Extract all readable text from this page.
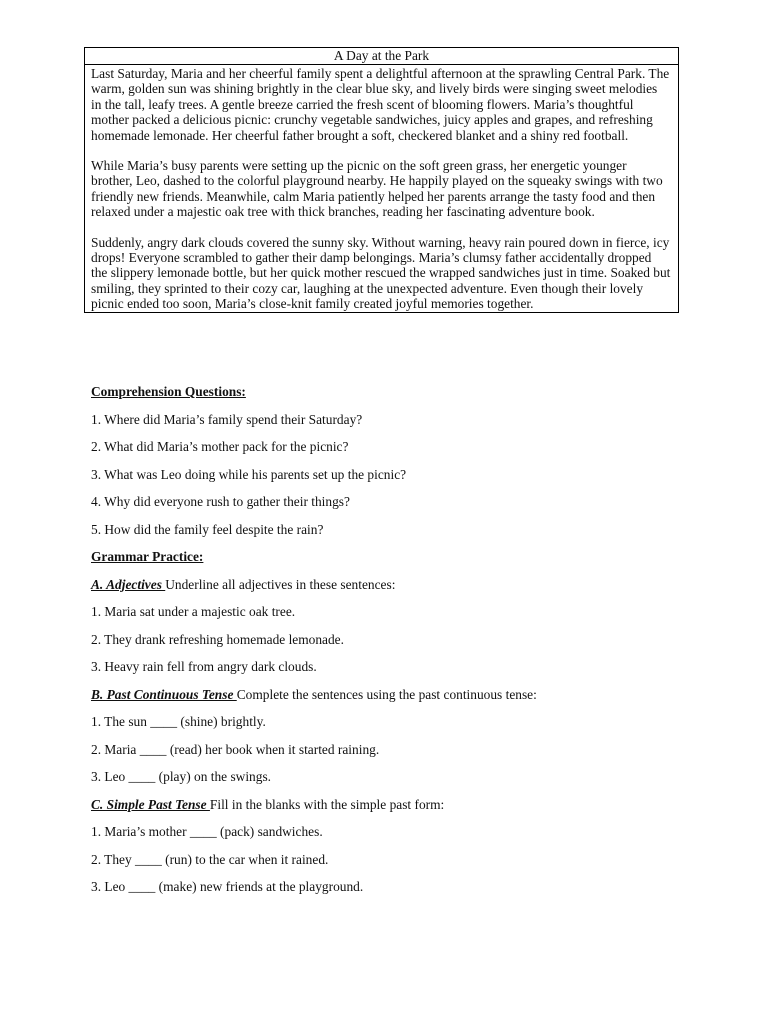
A Day at the Park

Last Saturday, Maria and her cheerful family spent a delightful afternoon at the sprawling Central Park. The warm, golden sun was shining brightly in the clear blue sky, and lively birds were singing sweet melodies in the tall, leafy trees. A gentle breeze carried the fresh scent of blooming flowers. Maria’s thoughtful mother packed a delicious picnic: crunchy vegetable sandwiches, juicy apples and grapes, and refreshing homemade lemonade. Her cheerful father brought a soft, checkered blanket and a shiny red football.

While Maria’s busy parents were setting up the picnic on the soft green grass, her energetic younger brother, Leo, dashed to the colorful playground nearby. He happily played on the squeaky swings with two friendly new friends. Meanwhile, calm Maria patiently helped her parents arrange the tasty food and then relaxed under a majestic oak tree with thick branches, reading her fascinating adventure book.

Suddenly, angry dark clouds covered the sunny sky. Without warning, heavy rain poured down in fierce, icy drops! Everyone scrambled to gather their damp belongings. Maria’s clumsy father accidentally dropped the slippery lemonade bottle, but her quick mother rescued the wrapped sandwiches just in time. Soaked but smiling, they sprinted to their cozy car, laughing at the unexpected adventure. Even though their lovely picnic ended too soon, Maria’s close-knit family created joyful memories together.

Comprehension Questions:

1. Where did Maria’s family spend their Saturday?

2. What did Maria’s mother pack for the picnic?

3. What was Leo doing while his parents set up the picnic?

4. Why did everyone rush to gather their things?

5. How did the family feel despite the rain?

Grammar Practice:

A. Adjectives Underline all adjectives in these sentences:

1. Maria sat under a majestic oak tree.

2. They drank refreshing homemade lemonade.

3. Heavy rain fell from angry dark clouds.

B. Past Continuous Tense Complete the sentences using the past continuous tense:

1. The sun ____ (shine) brightly.

2. Maria ____ (read) her book when it started raining.

3. Leo ____ (play) on the swings.

C. Simple Past Tense Fill in the blanks with the simple past form:

1. Maria’s mother ____ (pack) sandwiches.

2. They ____ (run) to the car when it rained.

3. Leo ____ (make) new friends at the playground.
